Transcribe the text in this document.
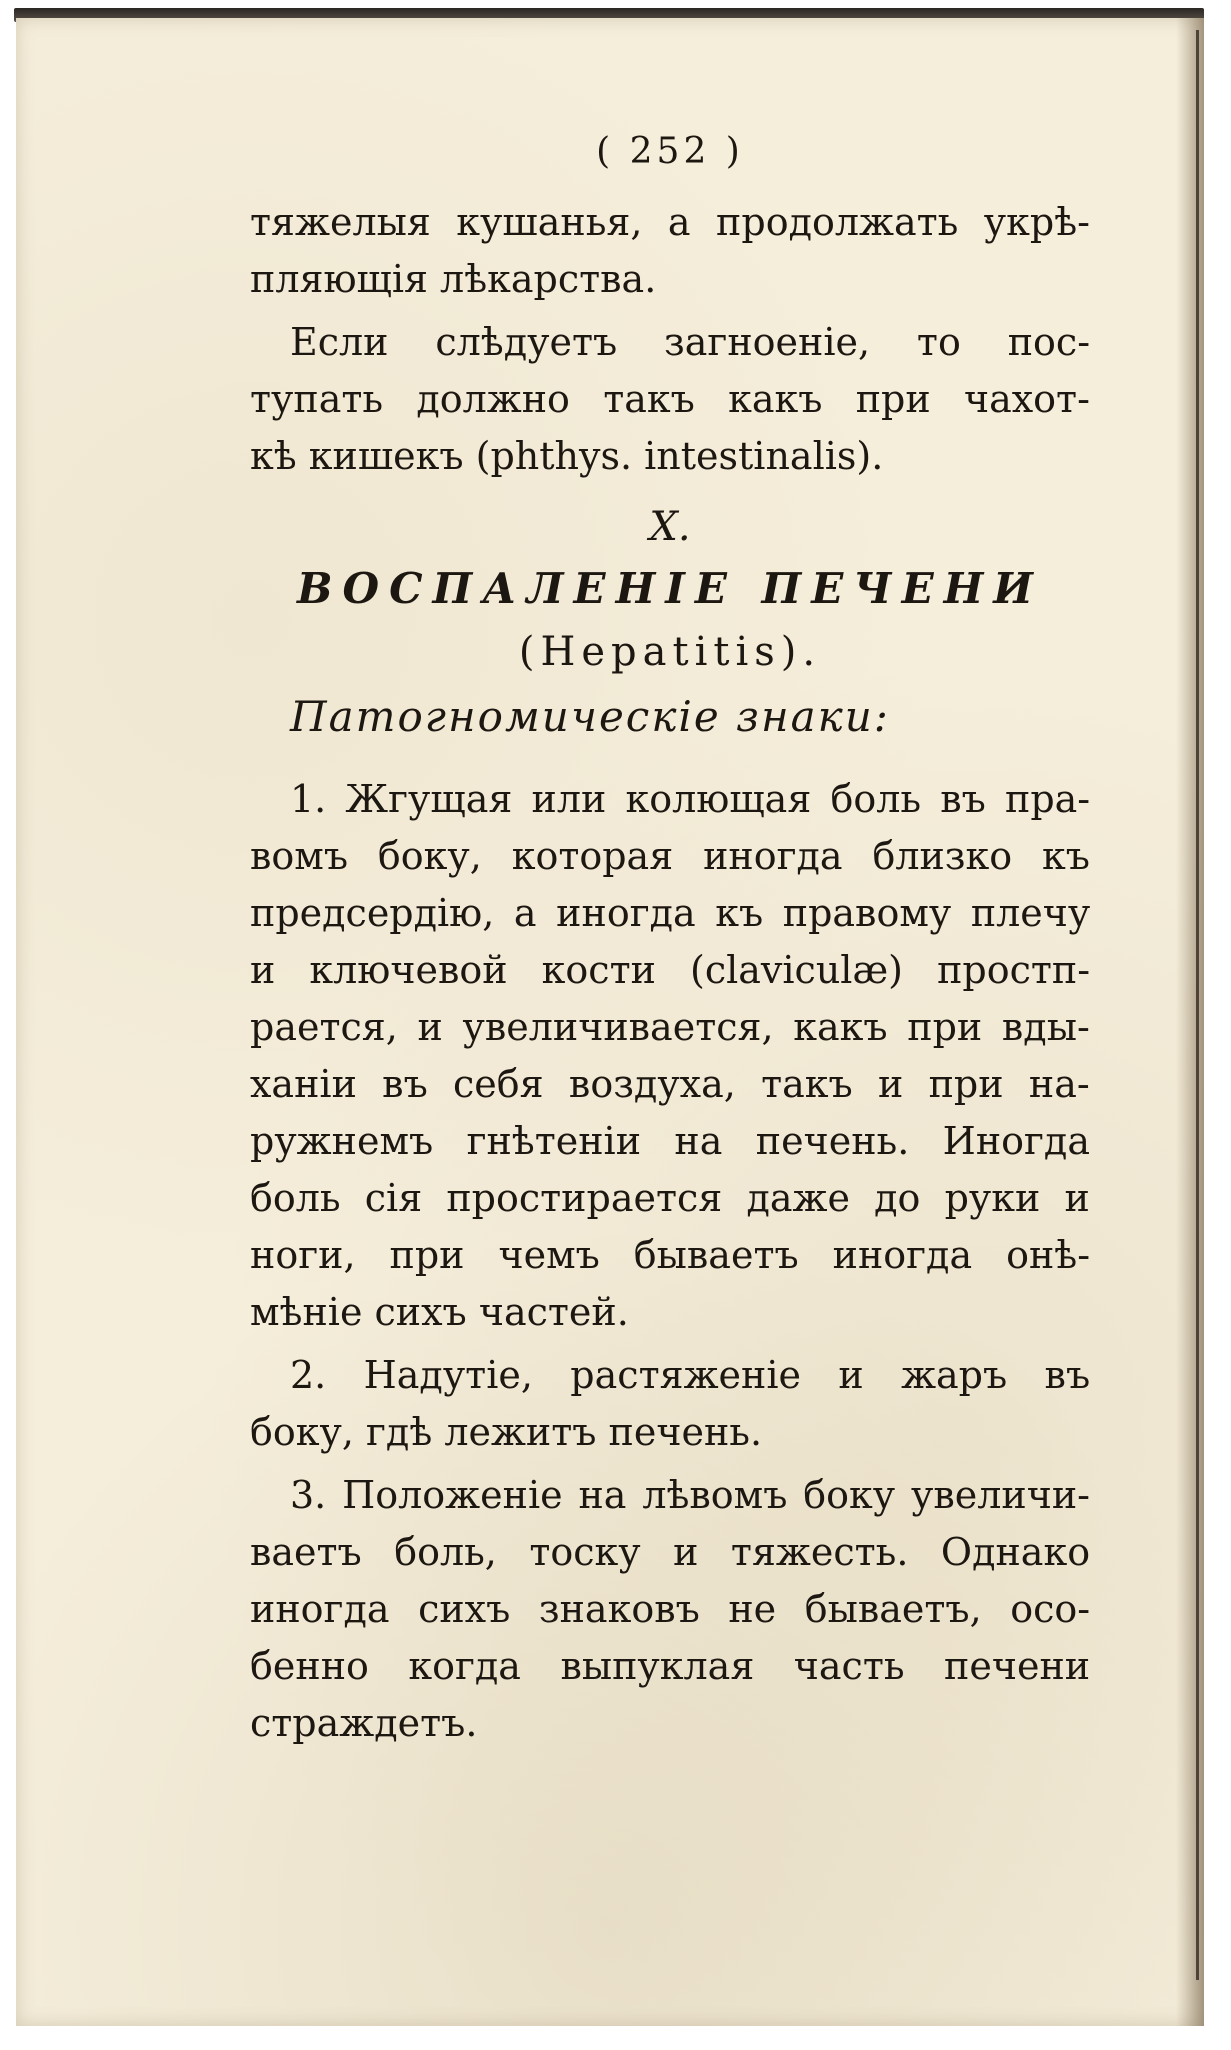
( 252 )
тяжелыя кушанья, а продолжать укрѣ-
пляющія лѣкарства.
Если слѣдуетъ загноеніе, то пос-
тупать должно такъ какъ при чахот-
кѣ кишекъ (phthys. intestinalis).
X.
ВОСПАЛЕНІЕ ПЕЧЕНИ
(Hepatitis).
Патогномическіе знаки:
1. Жгущая или колющая боль въ пра-
вомъ боку, которая иногда близко къ
предсердію, а иногда къ правому плечу
и ключевой кости (claviculæ) простп-
рается, и увеличивается, какъ при вды-
ханіи въ себя воздуха, такъ и при на-
ружнемъ гнѣтеніи на печень. Иногда
боль сія простирается даже до руки и
ноги, при чемъ бываетъ иногда онѣ-
мѣніе сихъ частей.
2. Надутіе, растяженіе и жаръ въ
боку, гдѣ лежитъ печень.
3. Положеніе на лѣвомъ боку увеличи-
ваетъ боль, тоску и тяжесть. Однако
иногда сихъ знаковъ не бываетъ, осо-
бенно когда выпуклая часть печени
страждетъ.
